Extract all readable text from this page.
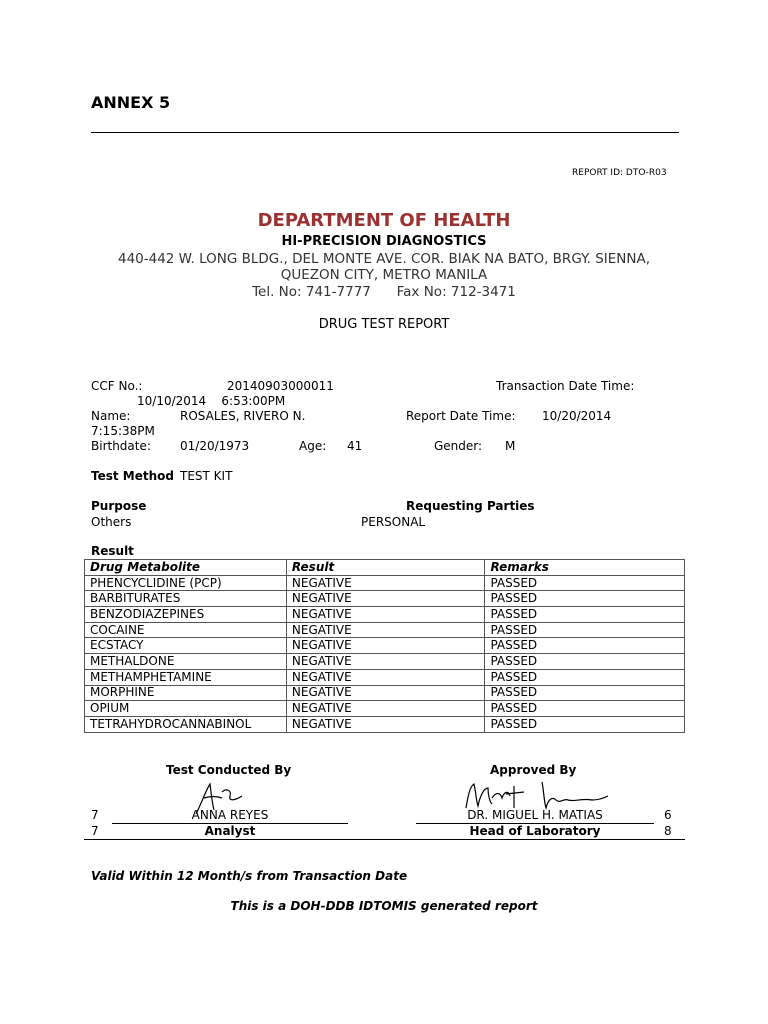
ANNEX 5
REPORT ID: DTO-R03
DEPARTMENT OF HEALTH
HI-PRECISION DIAGNOSTICS
440-442 W. LONG BLDG., DEL MONTE AVE. COR. BIAK NA BATO, BRGY. SIENNA,
QUEZON CITY, METRO MANILA
Tel. No: 741-7777      Fax No: 712-3471
DRUG TEST REPORT
CCF No.:	20140903000011	Transaction Date Time:
10/10/2014    6:53:00PM
Name:	ROSALES, RIVERO N.	Report Date Time: 10/20/2014
7:15:38PM
Birthdate: 01/20/1973	Age: 41	Gender: M
Test Method TEST KIT
Purpose
Others
Requesting Parties
PERSONAL
Result
Drug Metabolite	Result	Remarks
PHENCYCLIDINE (PCP)	NEGATIVE	PASSED
BARBITURATES	NEGATIVE	PASSED
BENZODIAZEPINES	NEGATIVE	PASSED
COCAINE	NEGATIVE	PASSED
ECSTACY	NEGATIVE	PASSED
METHALDONE	NEGATIVE	PASSED
METHAMPHETAMINE	NEGATIVE	PASSED
MORPHINE	NEGATIVE	PASSED
OPIUM	NEGATIVE	PASSED
TETRAHYDROCANNABINOL	NEGATIVE	PASSED
Test Conducted By	Approved By
7
7
6
8
ANNA REYES
Analyst
DR. MIGUEL H. MATIAS
Head of Laboratory
Valid Within 12 Month/s from Transaction Date
This is a DOH-DDB IDTOMIS generated report
